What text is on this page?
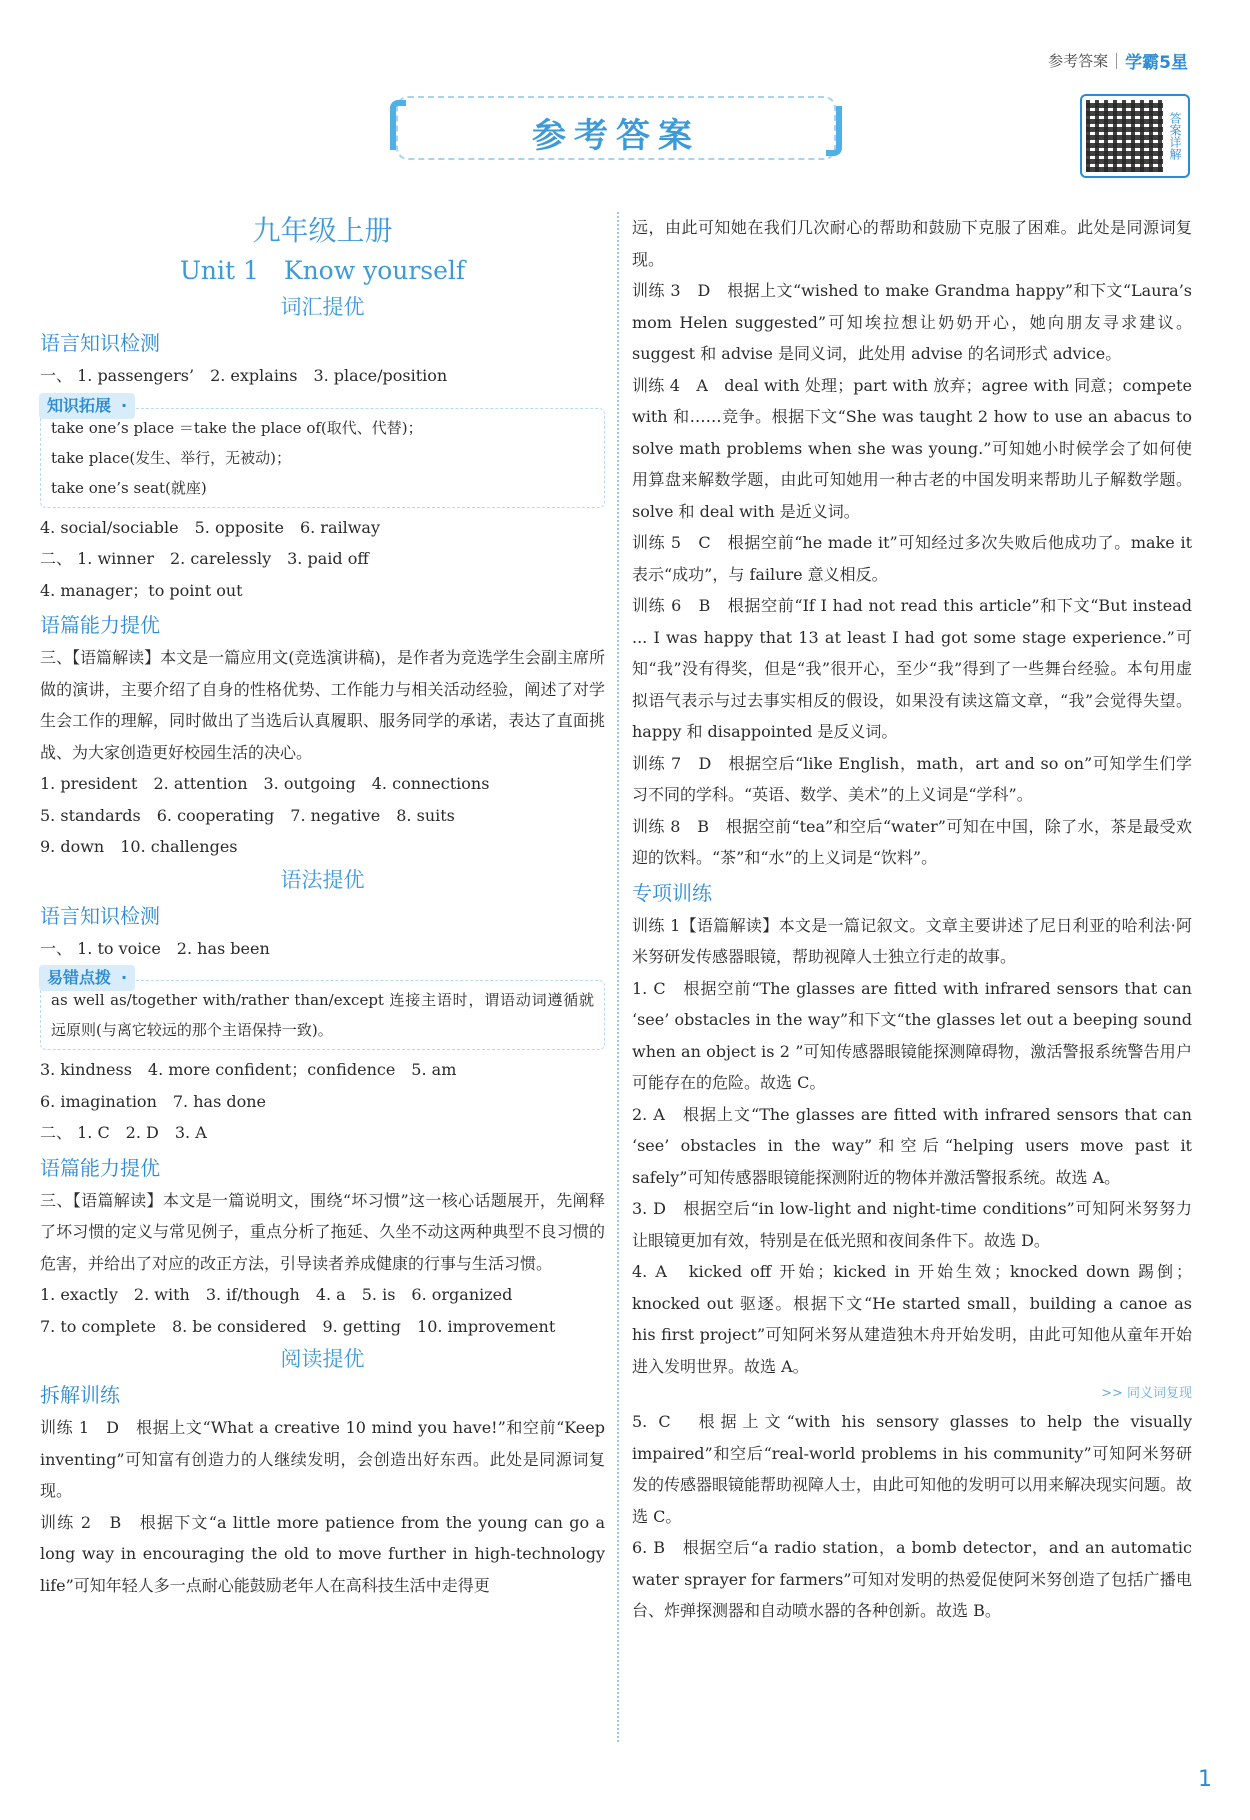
参考答案 学霸5星
答案详解
参考答案
九年级上册
Unit 1　Know yourself
词汇提优
语言知识检测
一、 1. passengers’　2. explains　3. place/position
知识拓展 ·
take one’s place ＝take the place of(取代、代替)；
take place(发生、举行，无被动)；
take one’s seat(就座)
4. social/sociable　5. opposite　6. railway
二、 1. winner　2. carelessly　3. paid off
4. manager；to point out
语篇能力提优
三、【语篇解读】本文是一篇应用文(竞选演讲稿)，是作者为竞选学生会副主席所做的演讲，主要介绍了自身的性格优势、工作能力与相关活动经验，阐述了对学生会工作的理解，同时做出了当选后认真履职、服务同学的承诺，表达了直面挑战、为大家创造更好校园生活的决心。
1. president　2. attention　3. outgoing　4. connections
5. standards　6. cooperating　7. negative　8. suits
9. down　10. challenges
语法提优
语言知识检测
一、 1. to voice　2. has been
易错点拨 ·
as well as/together with/rather than/except 连接主语时，谓语动词遵循就远原则(与离它较远的那个主语保持一致)。
3. kindness　4. more confident；confidence　5. am
6. imagination　7. has done
二、 1. C　2. D　3. A
语篇能力提优
三、【语篇解读】本文是一篇说明文，围绕“坏习惯”这一核心话题展开，先阐释了坏习惯的定义与常见例子，重点分析了拖延、久坐不动这两种典型不良习惯的危害，并给出了对应的改正方法，引导读者养成健康的行事与生活习惯。
1. exactly　2. with　3. if/though　4. a　5. is　6. organized
7. to complete　8. be considered　9. getting　10. improvement
阅读提优
拆解训练
训练 1　D　根据上文“What a creative 10 mind you have!”和空前“Keep inventing”可知富有创造力的人继续发明，会创造出好东西。此处是同源词复现。
训练 2　B　根据下文“a little more patience from the young can go a long way in encouraging the old to move further in high-technology life”可知年轻人多一点耐心能鼓励老年人在高科技生活中走得更
远，由此可知她在我们几次耐心的帮助和鼓励下克服了困难。此处是同源词复现。
训练 3　D　根据上文“wished to make Grandma happy”和下文“Laura’s mom Helen suggested”可知埃拉想让奶奶开心，她向朋友寻求建议。suggest 和 advise 是同义词，此处用 advise 的名词形式 advice。
训练 4　A　deal with 处理；part with 放弃；agree with 同意；compete with 和……竞争。根据下文“She was taught 2 how to use an abacus to solve math problems when she was young.”可知她小时候学会了如何使用算盘来解数学题，由此可知她用一种古老的中国发明来帮助儿子解数学题。solve 和 deal with 是近义词。
训练 5　C　根据空前“he made it”可知经过多次失败后他成功了。make it 表示“成功”，与 failure 意义相反。
训练 6　B　根据空前“If I had not read this article”和下文“But instead ... I was happy that 13 at least I had got some stage experience.”可知“我”没有得奖，但是“我”很开心，至少“我”得到了一些舞台经验。本句用虚拟语气表示与过去事实相反的假设，如果没有读这篇文章，“我”会觉得失望。happy 和 disappointed 是反义词。
训练 7　D　根据空后“like English，math，art and so on”可知学生们学习不同的学科。“英语、数学、美术”的上义词是“学科”。
训练 8　B　根据空前“tea”和空后“water”可知在中国，除了水，茶是最受欢迎的饮料。“茶”和“水”的上义词是“饮料”。
专项训练
训练 1【语篇解读】本文是一篇记叙文。文章主要讲述了尼日利亚的哈利法·阿米努研发传感器眼镜，帮助视障人士独立行走的故事。
1. C　根据空前“The glasses are fitted with infrared sensors that can ‘see’ obstacles in the way”和下文“the glasses let out a beeping sound when an object is 2 ”可知传感器眼镜能探测障碍物，激活警报系统警告用户可能存在的危险。故选 C。
2. A　根据上文“The glasses are fitted with infrared sensors that can ‘see’ obstacles in the way”和空后“helping users move past it safely”可知传感器眼镜能探测附近的物体并激活警报系统。故选 A。
3. D　根据空后“in low-light and night-time conditions”可知阿米努努力让眼镜更加有效，特别是在低光照和夜间条件下。故选 D。
4. A　kicked off 开始；kicked in 开始生效；knocked down 踢倒；knocked out 驱逐。根据下文“He started small，building a canoe as his first project”可知阿米努从建造独木舟开始发明，由此可知他从童年开始进入发明世界。故选 A。
>> 同义词复现
5. C　根据上文“with his sensory glasses to help the visually impaired”和空后“real-world problems in his community”可知阿米努研发的传感器眼镜能帮助视障人士，由此可知他的发明可以用来解决现实问题。故选 C。
6. B　根据空后“a radio station，a bomb detector，and an automatic water sprayer for farmers”可知对发明的热爱促使阿米努创造了包括广播电台、炸弹探测器和自动喷水器的各种创新。故选 B。
1
